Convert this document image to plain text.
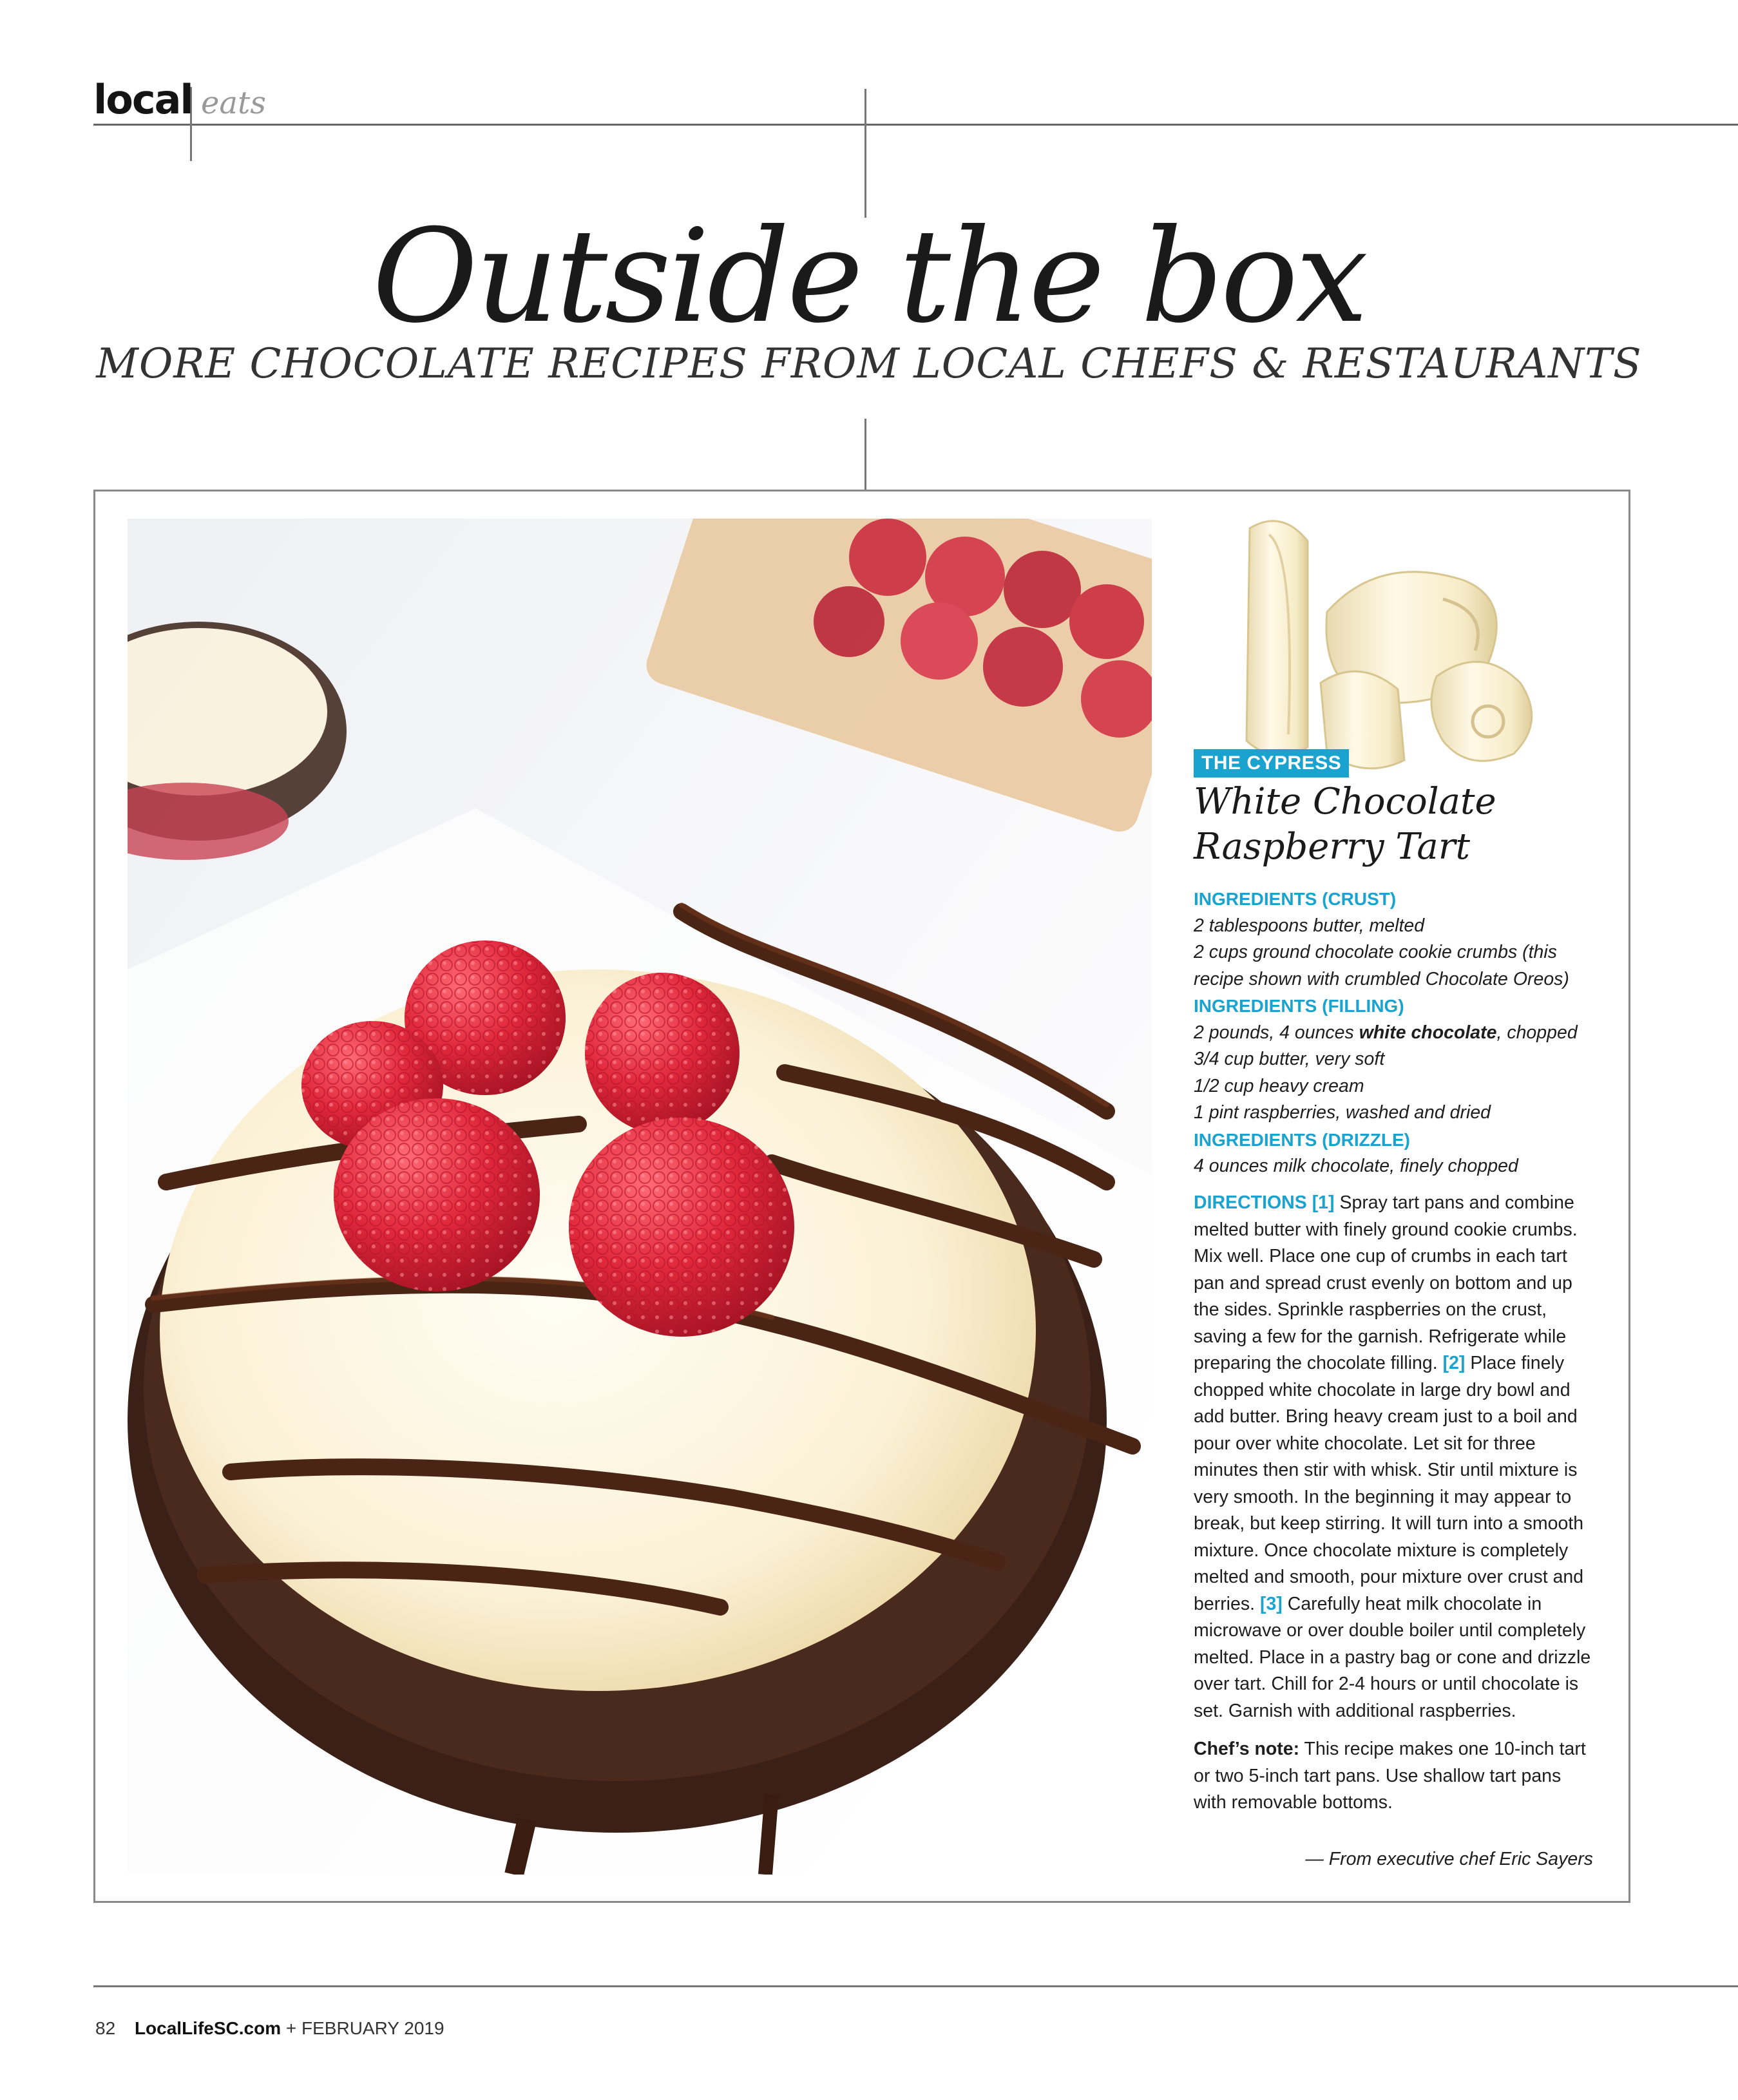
local eats
Outside the box
MORE CHOCOLATE RECIPES FROM LOCAL CHEFS & RESTAURANTS
THE CYPRESS
White Chocolate
Raspberry Tart
INGREDIENTS (CRUST)
2 tablespoons butter, melted
2 cups ground chocolate cookie crumbs (this
recipe shown with crumbled Chocolate Oreos)
INGREDIENTS (FILLING)
2 pounds, 4 ounces white chocolate, chopped
3/4 cup butter, very soft
1/2 cup heavy cream
1 pint raspberries, washed and dried
INGREDIENTS (DRIZZLE)
4 ounces milk chocolate, finely chopped

DIRECTIONS [1] Spray tart pans and combine melted butter with finely ground cookie crumbs. Mix well. Place one cup of crumbs in each tart pan and spread crust evenly on bottom and up the sides. Sprinkle raspberries on the crust, saving a few for the garnish. Refrigerate while preparing the chocolate filling. [2] Place finely chopped white chocolate in large dry bowl and add butter. Bring heavy cream just to a boil and pour over white chocolate. Let sit for three minutes then stir with whisk. Stir until mixture is very smooth. In the beginning it may appear to break, but keep stirring. It will turn into a smooth mixture. Once chocolate mixture is completely melted and smooth, pour mixture over crust and berries. [3] Carefully heat milk chocolate in microwave or over double boiler until completely melted. Place in a pastry bag or cone and drizzle over tart. Chill for 2-4 hours or until chocolate is set. Garnish with additional raspberries.

Chef’s note: This recipe makes one 10-inch tart or two 5-inch tart pans. Use shallow tart pans with removable bottoms.

— From executive chef Eric Sayers
82 LocalLifeSC.com + FEBRUARY 2019
